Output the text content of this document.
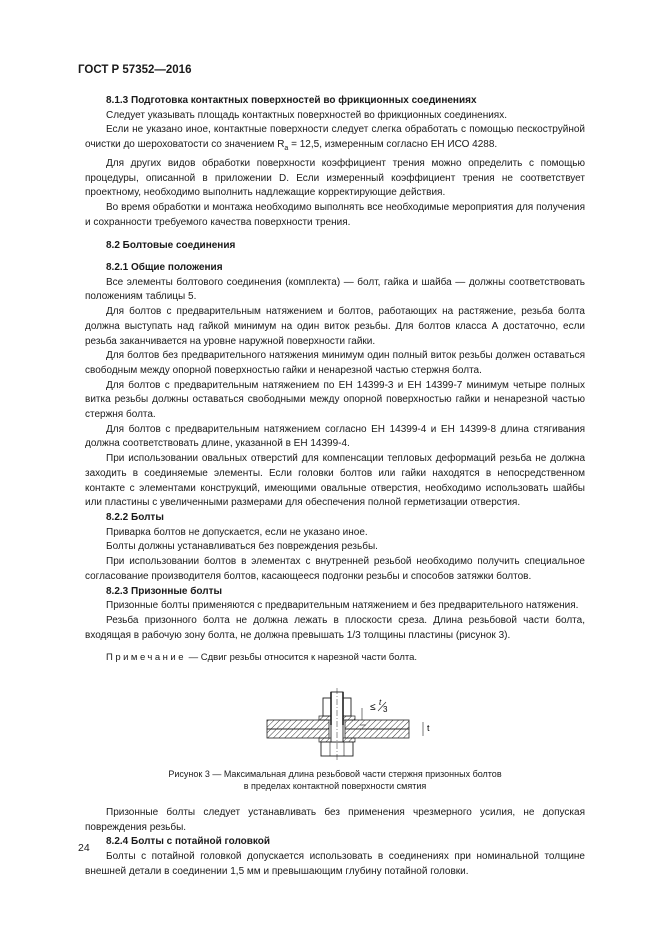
ГОСТ Р 57352—2016
8.1.3 Подготовка контактных поверхностей во фрикционных соединениях

Следует указывать площадь контактных поверхностей во фрикционных соединениях.

Если не указано иное, контактные поверхности следует слегка обработать с помощью пескоструйной очистки до шероховатости со значением $R_a = 12,5$, измеренным согласно ЕН ИСО 4288.

Для других видов обработки поверхности коэффициент трения можно определить с помощью процедуры, описанной в приложении D. Если измеренный коэффициент трения не соответствует проектному, необходимо выполнить надлежащие корректирующие действия.

Во время обработки и монтажа необходимо выполнять все необходимые мероприятия для получения и сохранности требуемого качества поверхности трения.

8.2 Болтовые соединения
8.2.1 Общие положения

Все элементы болтового соединения (комплекта) — болт, гайка и шайба — должны соответствовать положениям таблицы 5.

Для болтов с предварительным натяжением и болтов, работающих на растяжение, резьба болта должна выступать над гайкой минимум на один виток резьбы. Для болтов класса А достаточно, если резьба заканчивается на уровне наружной поверхности гайки.

Для болтов без предварительного натяжения минимум один полный виток резьбы должен оставаться свободным между опорной поверхностью гайки и ненарезной частью стержня болта.

Для болтов с предварительным натяжением по ЕН 14399-3 и ЕН 14399-7 минимум четыре полных витка резьбы должны оставаться свободными между опорной поверхностью гайки и ненарезной частью стержня болта.

Для болтов с предварительным натяжением согласно ЕН 14399-4 и ЕН 14399-8 длина стягивания должна соответствовать длине, указанной в ЕН 14399-4.

При использовании овальных отверстий для компенсации тепловых деформаций резьба не должна заходить в соединяемые элементы. Если головки болтов или гайки находятся в непосредственном контакте с элементами конструкций, имеющими овальные отверстия, необходимо использовать шайбы или пластины с увеличенными размерами для обеспечения полной герметизации отверстия.

8.2.2 Болты

Приварка болтов не допускается, если не указано иное.

Болты должны устанавливаться без повреждения резьбы.

При использовании болтов в элементах с внутренней резьбой необходимо получить специальное согласование производителя болтов, касающееся подгонки резьбы и способов затяжки болтов.

8.2.3 Призонные болты

Призонные болты применяются с предварительным натяжением и без предварительного натяжения.

Резьба призонного болта не должна лежать в плоскости среза. Длина резьбовой части болта, входящая в рабочую зону болта, не должна превышать 1/3 толщины пластины (рисунок 3).

Примечание — Сдвиг резьбы относится к нарезной части болта.
≤ t
3
t
Рисунок 3 — Максимальная длина резьбовой части стержня призонных болтов
в пределах контактной поверхности смятия

Призонные болты следует устанавливать без применения чрезмерного усилия, не допуская повреждения резьбы.

8.2.4 Болты с потайной головкой

Болты с потайной головкой допускается использовать в соединениях при номинальной толщине внешней детали в соединении 1,5 мм и превышающим глубину потайной головки.

24
